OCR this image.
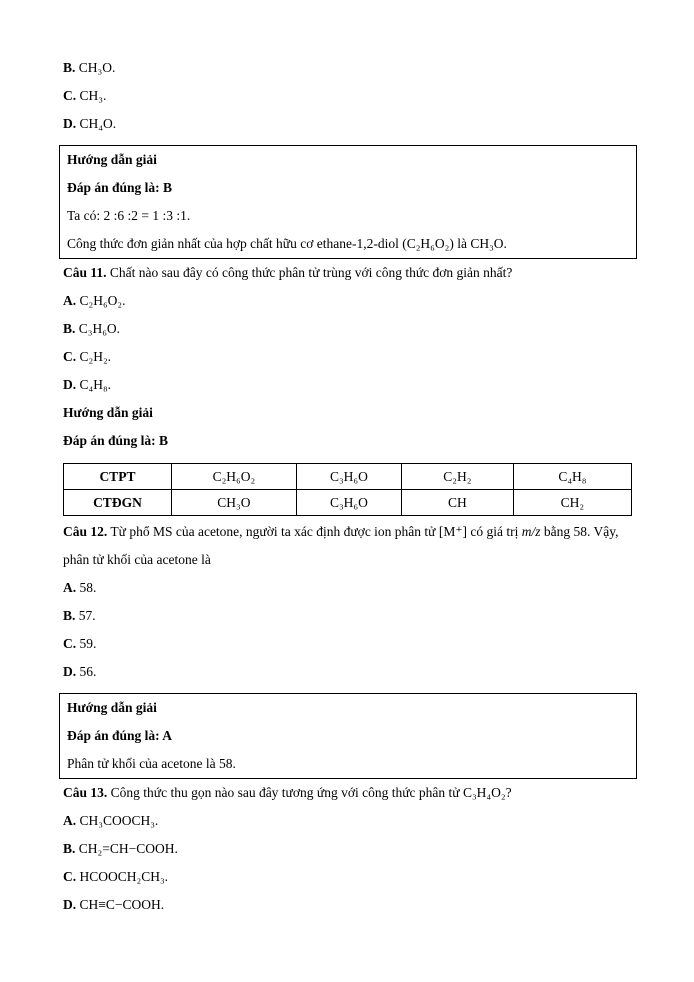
B. CH₃O.

C. CH₃.

D. CH₄O.

Hướng dẫn giải

Đáp án đúng là: B

Ta có: 2 :6 :2 = 1 :3 :1.

Công thức đơn giản nhất của hợp chất hữu cơ ethane-1,2-diol (C₂H₆O₂) là CH₃O.

Câu 11. Chất nào sau đây có công thức phân tử trùng với công thức đơn giản nhất?

A. C₂H₆O₂.

B. C₃H₆O.

C. C₂H₂.

D. C₄H₈.

Hướng dẫn giải

Đáp án đúng là: B

CTPT	C₂H₆O₂	C₃H₆O	C₂H₂	C₄H₈
CTĐGN	CH₃O	C₃H₆O	CH	CH₂

Câu 12. Từ phổ MS của acetone, người ta xác định được ion phân tử [M⁺] có giá trị m/z bằng 58. Vậy, phân tử khối của acetone là

A. 58.

B. 57.

C. 59.

D. 56.

Hướng dẫn giải

Đáp án đúng là: A

Phân tử khối của acetone là 58.

Câu 13. Công thức thu gọn nào sau đây tương ứng với công thức phân tử C₃H₄O₂?

A. CH₃COOCH₃.

B. CH₂=CH−COOH.

C. HCOOCH₂CH₃.

D. CH≡C−COOH.
